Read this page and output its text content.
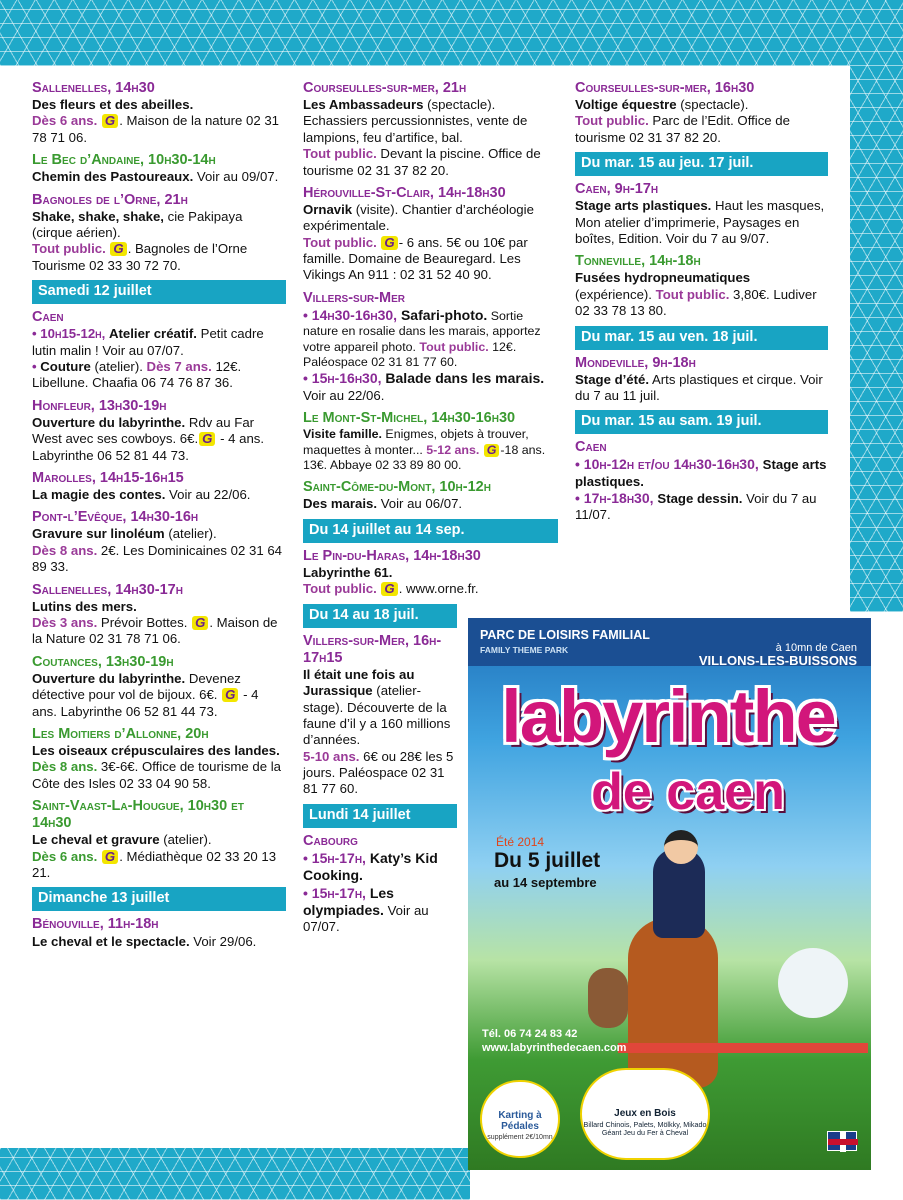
Sallenelles, 14h30
Des fleurs et des abeilles.
Dès 6 ans. G . Maison de la nature 02 31 78 71 06.
Le Bec d’Andaine, 10h30-14h
Chemin des Pastoureaux. Voir au 09/07.
Bagnoles de l’Orne, 21h
Shake, shake, shake, cie Pakipaya (cirque aérien).
Tout public. G . Bagnoles de l’Orne Tourisme 02 33 30 72 70.
Samedi 12 juillet
Caen
• 10h15-12h, Atelier créatif. Petit cadre lutin malin ! Voir au 07/07.
• Couture (atelier). Dès 7 ans. 12€. Libellune. Chaafia 06 74 76 87 36.
Honfleur, 13h30-19h
Ouverture du labyrinthe. Rdv au Far West avec ses cowboys. 6€. G - 4 ans. Labyrinthe 06 52 81 44 73.
Marolles, 14h15-16h15
La magie des contes. Voir au 22/06.
Pont-l’Evêque, 14h30-16h
Gravure sur linoléum (atelier).
Dès 8 ans. 2€. Les Dominicaines 02 31 64 89 33.
Sallenelles, 14h30-17h
Lutins des mers.
Dès 3 ans. Prévoir Bottes. G . Maison de la Nature 02 31 78 71 06.
Coutances, 13h30-19h
Ouverture du labyrinthe. Devenez détective pour vol de bijoux. 6€. G - 4 ans. Labyrinthe 06 52 81 44 73.
Les Moitiers d’Allonne, 20h
Les oiseaux crépusculaires des landes. Dès 8 ans. 3€-6€. Office de tourisme de la Côte des Isles 02 33 04 90 58.
Saint-Vaast-La-Hougue, 10h30 et 14h30
Le cheval et gravure (atelier).
Dès 6 ans. G . Médiathèque 02 33 20 13 21.
Dimanche 13 juillet
Bénouville, 11h-18h
Le cheval et le spectacle. Voir 29/06.
Courseulles-sur-mer, 21h
Les Ambassadeurs (spectacle). Echassiers percussionnistes, vente de lampions, feu d’artifice, bal.
Tout public. Devant la piscine. Office de tourisme 02 31 37 82 20.
Hérouville-St-Clair, 14h-18h30
Ornavik (visite). Chantier d’archéologie expérimentale.
Tout public. G - 6 ans. 5€ ou 10€ par famille. Domaine de Beauregard. Les Vikings An 911 : 02 31 52 40 90.
Villers-sur-Mer
• 14h30-16h30, Safari-photo. Sortie nature en rosalie dans les marais, apportez votre appareil photo. Tout public. 12€. Paléospace 02 31 81 77 60.
• 15h-16h30, Balade dans les marais. Voir au 22/06.
Le Mont-St-Michel, 14h30-16h30
Visite famille. Enigmes, objets à trouver, maquettes à monter... 5-12 ans. G -18 ans. 13€. Abbaye 02 33 89 80 00.
Saint-Côme-du-Mont, 10h-12h
Des marais. Voir au 06/07.
Du 14 juillet au 14 sep.
Le Pin-du-Haras, 14h-18h30
Labyrinthe 61.
Tout public. G . www.orne.fr.
Du 14 au 18 juil.
Villers-sur-Mer, 16h-17h15
Il était une fois au Jurassique (atelier-stage). Découverte de la faune d’il y a 160 millions d’années.
5-10 ans. 6€ ou 28€ les 5 jours. Paléospace 02 31 81 77 60.
Lundi 14 juillet
Cabourg
• 15h-17h, Katy’s Kid Cooking.
• 15h-17h, Les olympiades. Voir au 07/07.
Courseulles-sur-mer, 16h30
Voltige équestre (spectacle).
Tout public. Parc de l’Edit. Office de tourisme 02 31 37 82 20.
Du mar. 15 au jeu. 17 juil.
Caen, 9h-17h
Stage arts plastiques. Haut les masques, Mon atelier d’imprimerie, Paysages en boîtes, Edition. Voir du 7 au 9/07.
Tonneville, 14h-18h
Fusées hydropneumatiques (expérience). Tout public. 3,80€. Ludiver 02 33 78 13 80.
Du mar. 15 au ven. 18 juil.
Mondeville, 9h-18h
Stage d’été. Arts plastiques et cirque. Voir du 7 au 11 juil.
Du mar. 15 au sam. 19 juil.
Caen
• 10h-12h et/ou 14h30-16h30, Stage arts plastiques.
• 17h-18h30, Stage dessin. Voir du 7 au 11/07.
PARC DE LOISIRS FAMILIAL
FAMILY THEME PARK	à 10mn de Caen
VILLONS-LES-BUISSONS
labyrinthe
de caen
Été 2014
Du 5 juillet
au 14 septembre
Tél. 06 74 24 83 42
www.labyrinthedecaen.com
Karting à Pédales
supplément 2€/10mn
Jeux en Bois
Billard Chinois, Palets, Mölkky, Mikado Géant Jeu du Fer à Cheval
